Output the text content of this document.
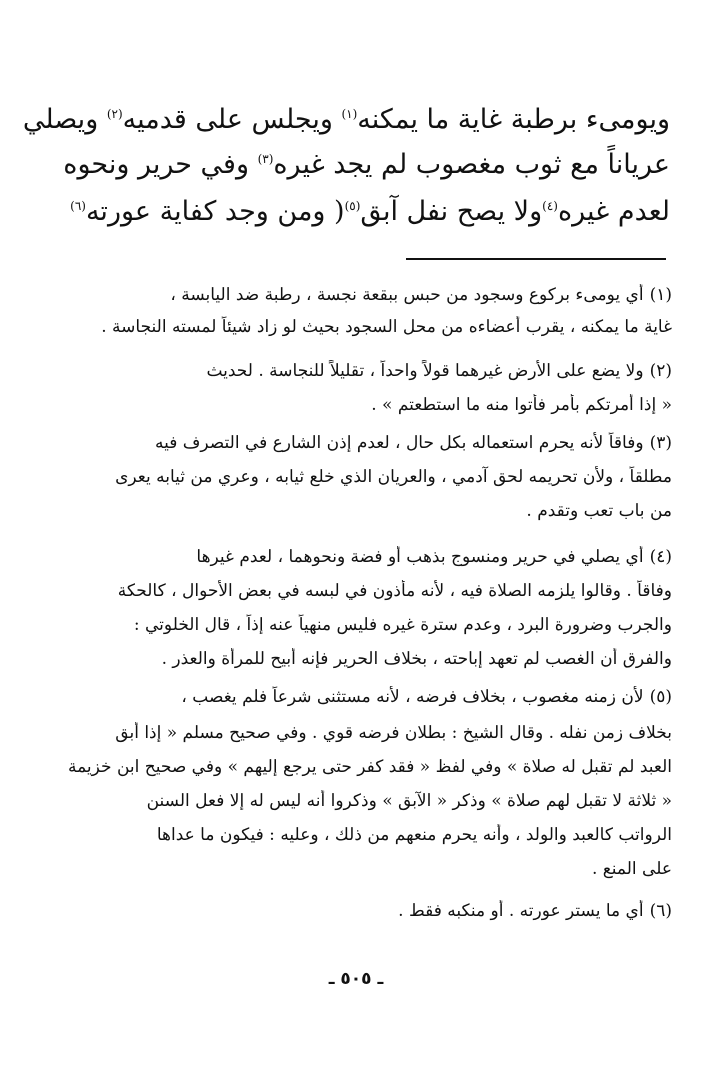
ويومىء برطبة غاية ما يمكنه$^{(١)}$ ويجلس على قدميه$^{(٢)}$ ويصلي
عرياناً مع ثوب مغصوب لم يجد غيره$^{(٣)}$ وفي حرير ونحوه
لعدم غيره$^{(٤)}$ولا يصح نفل آبق$^{(٥)}$( ومن وجد كفاية عورته$^{(٦)}$
(١)أي يومىء بركوع وسجود من حبس ببقعة نجسة ، رطبة ضد اليابسة ،
غاية ما يمكنه ، يقرب أعضاءه من محل السجود بحيث لو زاد شيئاً لمسته النجاسة .
(٢)ولا يضع على الأرض غيرهما قولاً واحداً ، تقليلاً للنجاسة . لحديث
« إذا أمرتكم بأمر فأتوا منه ما استطعتم » .
(٣)وفاقاً لأنه يحرم استعماله بكل حال ، لعدم إذن الشارع في التصرف فيه
مطلقاً ، ولأن تحريمه لحق آدمي ، والعريان الذي خلع ثيابه ، وعري من ثيابه يعرى
من باب تعب وتقدم .
(٤)أي يصلي في حرير ومنسوج بذهب أو فضة ونحوهما ، لعدم غيرها
وفاقاً . وقالوا يلزمه الصلاة فيه ، لأنه مأذون في لبسه في بعض الأحوال ، كالحكة
والجرب وضرورة البرد ، وعدم سترة غيره فليس منهياً عنه إذاً ، قال الخلوتي :
والفرق أن الغصب لم تعهد إباحته ، بخلاف الحرير فإنه أبيح للمرأة والعذر .
(٥)لأن زمنه مغصوب ، بخلاف فرضه ، لأنه مستثنى شرعاً فلم يغصب ،
بخلاف زمن نفله . وقال الشيخ : بطلان فرضه قوي . وفي صحيح مسلم « إذا أبق
العبد لم تقبل له صلاة » وفي لفظ « فقد كفر حتى يرجع إليهم » وفي صحيح ابن خزيمة
« ثلاثة لا تقبل لهم صلاة » وذكر « الآبق » وذكروا أنه ليس له إلا فعل السنن
الرواتب كالعبد والولد ، وأنه يحرم منعهم من ذلك ، وعليه : فيكون ما عداها
على المنع .
(٦)أي ما يستر عورته . أو منكبه فقط .
ـ ٥٠٥ ـ
